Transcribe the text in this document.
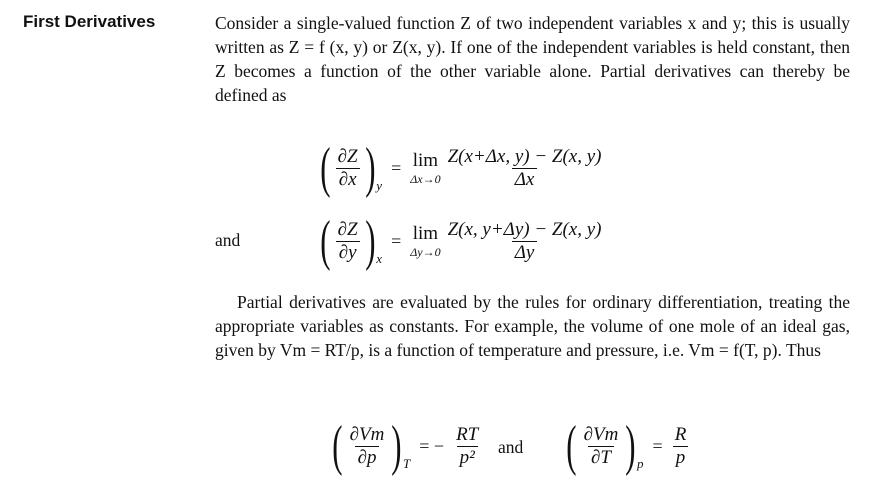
First Derivatives	Consider a single-valued function Z of two independent variables x and y; this is usually written as Z = f (x, y) or Z(x, y). If one of the independent variables is held constant, then Z becomes a function of the other variable alone. Partial derivatives can thereby be defined as
( $\frac{\partial Z}{\partial x}$ ) y
= lim
$\Delta x\to 0 \frac{Z(x+\Delta x, y) - Z(x, y)}{\Delta x}$
and ( $\frac{\partial Z}{\partial y}$ ) x
= lim
$\Delta y\to 0 \frac{Z(x, y+\Delta y) - Z(x, y)}{\Delta y}$
Partial derivatives are evaluated by the rules for ordinary differentiation, treating the appropriate variables as constants. For example, the volume of one mole of an ideal gas, given by Vm = RT/p, is a function of temperature and pressure, i.e. Vm = f(T, p). Thus
( $\frac{\partial Vm}{\partial p}$ ) T
= − $\frac{RT}{\text{p²}}$ and ( $\frac{\partial Vm}{\partial T}$ ) p
= $\frac{R}{p}$
